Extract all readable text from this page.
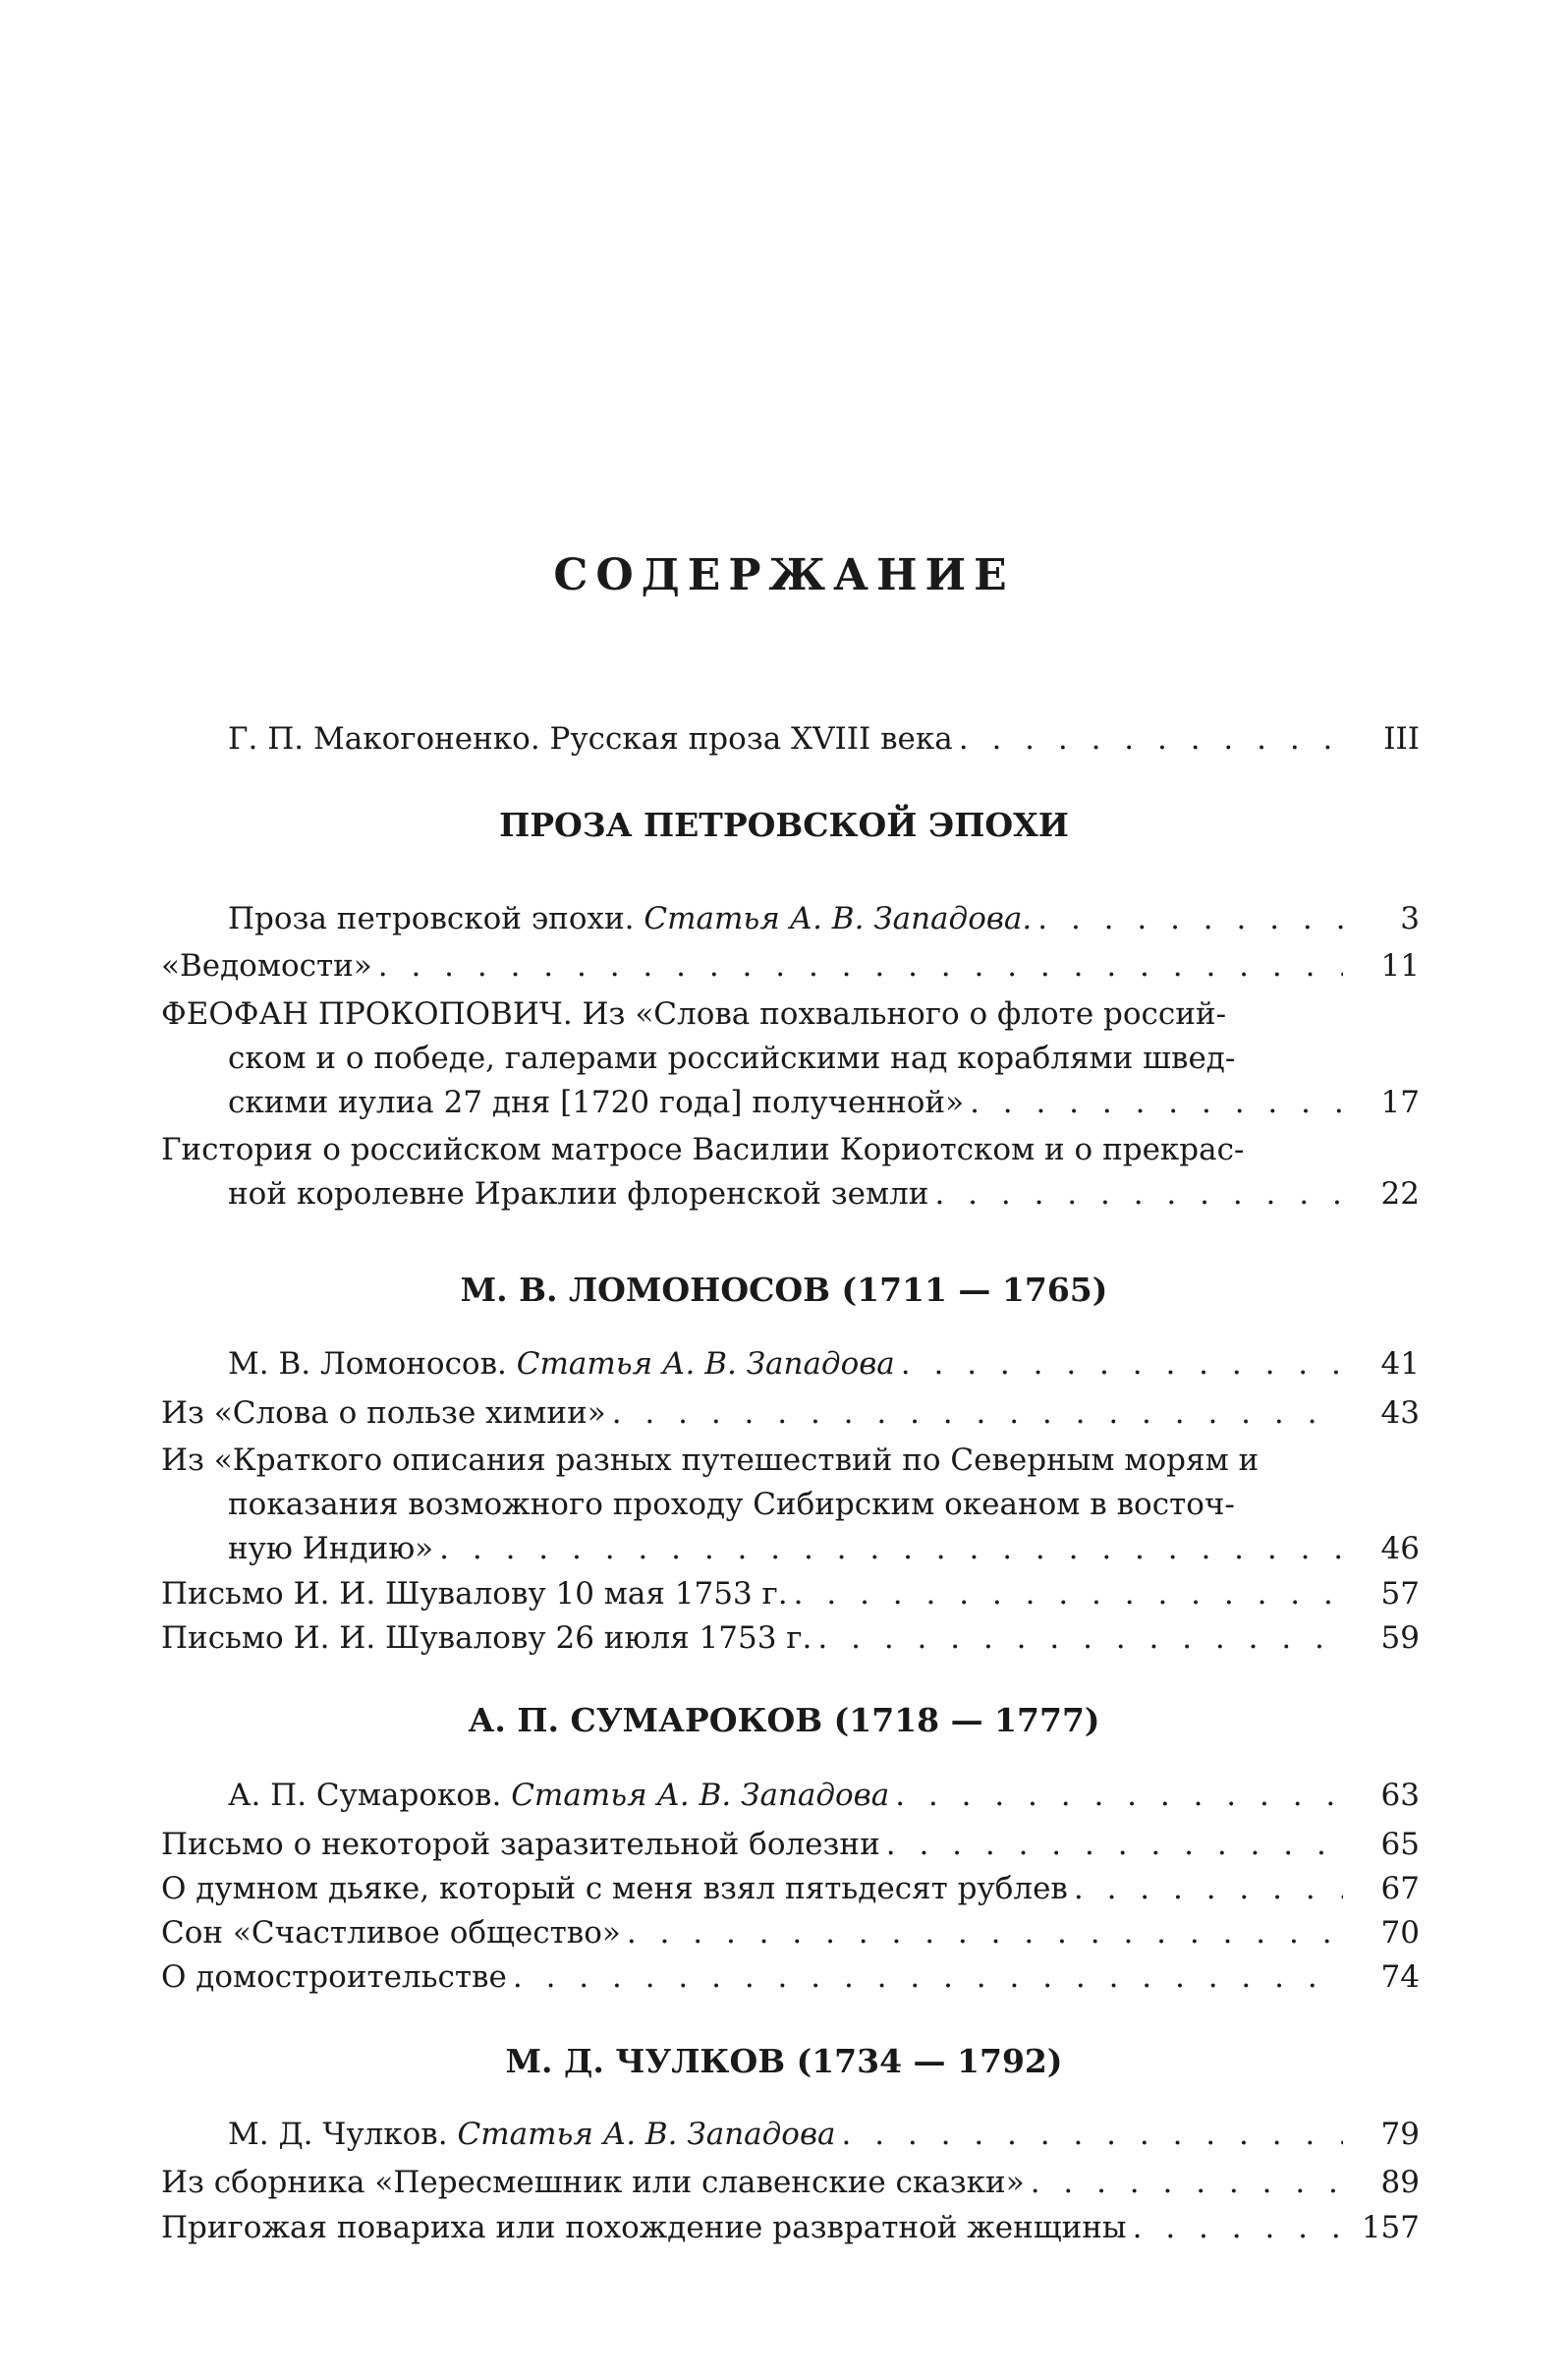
СОДЕРЖАНИЕ
Г. П. Макогоненко. Русская проза XVIII века . . .	III
ПРОЗА ПЕТРОВСКОЙ ЭПОХИ
Проза петровской эпохи. Статья А. В. Западова. . . .	3
«Ведомости» . . .	11
ФЕОФАН ПРОКОПОВИЧ. Из «Слова похвального о флоте россий-
ском и о победе, галерами российскими над кораблями швед-
скими иулиа 27 дня [1720 года] полученной» . . .	17
Гистория о российском матросе Василии Кориотском и о прекрас-
ной королевне Ираклии флоренской земли . . .	22
М. В. ЛОМОНОСОВ (1711 — 1765)
М. В. Ломоносов. Статья А. В. Западова . . .	41
Из «Слова о пользе химии» . . .	43
Из «Краткого описания разных путешествий по Северным морям и
показания возможного проходу Сибирским океаном в восточ-
ную Индию» . . .	46
Письмо И. И. Шувалову 10 мая 1753 г. . . .	57
Письмо И. И. Шувалову 26 июля 1753 г. . . .	59
А. П. СУМАРОКОВ (1718 — 1777)
А. П. Сумароков. Статья А. В. Западова . . .	63
Письмо о некоторой заразительной болезни . . .	65
О думном дьяке, который с меня взял пятьдесят рублев . . .	67
Сон «Счастливое общество» . . .	70
О домостроительстве . . .	74
М. Д. ЧУЛКОВ (1734 — 1792)
М. Д. Чулков. Статья А. В. Западова . . .	79
Из сборника «Пересмешник или славенские сказки» . . .	89
Пригожая повариха или похождение развратной женщины . . .	157
